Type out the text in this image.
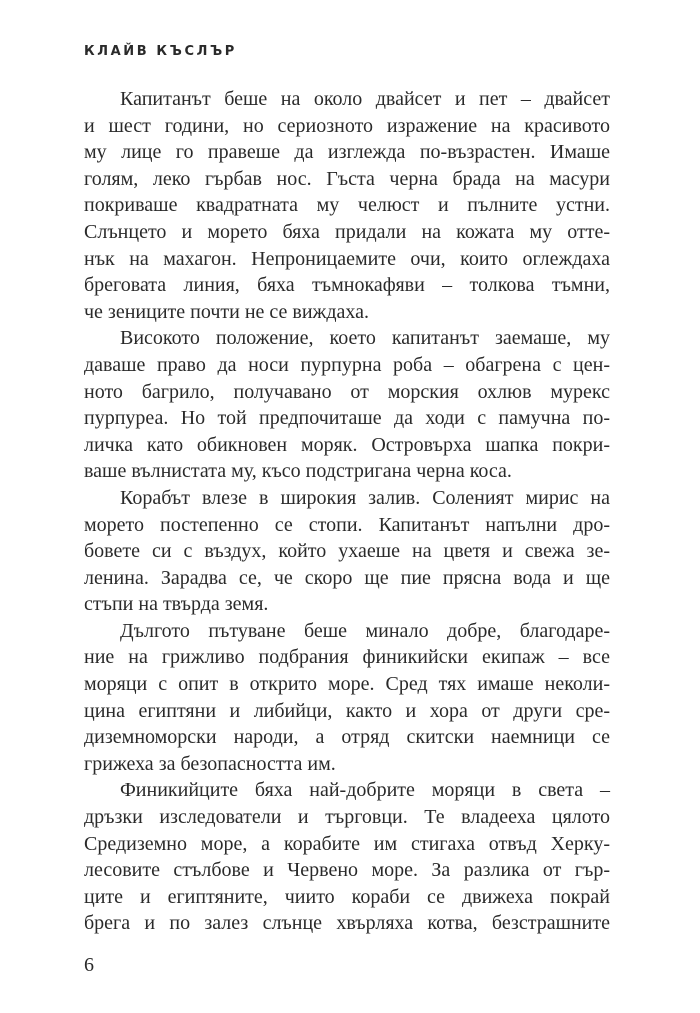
КЛАЙВ КЪСЛЪР

Капитанът беше на около двайсет и пет – двайсет
и шест години, но сериозното изражение на красивото
му лице го правеше да изглежда по-възрастен. Имаше
голям, леко гърбав нос. Гъста черна брада на масури
покриваше квадратната му челюст и пълните устни.
Слънцето и морето бяха придали на кожата му отте-
нък на махагон. Непроницаемите очи, които оглеждаха
бреговата линия, бяха тъмнокафяви – толкова тъмни,
че зениците почти не се виждаха.

Високото положение, което капитанът заемаше, му
даваше право да носи пурпурна роба – обагрена с цен-
ното багрило, получавано от морския охлюв мурекс
пурпуреа. Но той предпочиташе да ходи с памучна по-
личка като обикновен моряк. Островърха шапка покри-
ваше вълнистата му, късо подстригана черна коса.

Корабът влезе в широкия залив. Соленият мирис на
морето постепенно се стопи. Капитанът напълни дро-
бовете си с въздух, който ухаеше на цветя и свежа зе-
ленина. Зарадва се, че скоро ще пие прясна вода и ще
стъпи на твърда земя.

Дългото пътуване беше минало добре, благодаре-
ние на грижливо подбрания финикийски екипаж – все
моряци с опит в открито море. Сред тях имаше неколи-
цина египтяни и либийци, както и хора от други сре-
диземноморски народи, а отряд скитски наемници се
грижеха за безопасността им.

Финикийците бяха най-добрите моряци в света –
дръзки изследователи и търговци. Те владееха цялото
Средиземно море, а корабите им стигаха отвъд Херку-
лесовите стълбове и Червено море. За разлика от гър-
ците и египтяните, чиито кораби се движеха покрай
брега и по залез слънце хвърляха котва, безстрашните

6
